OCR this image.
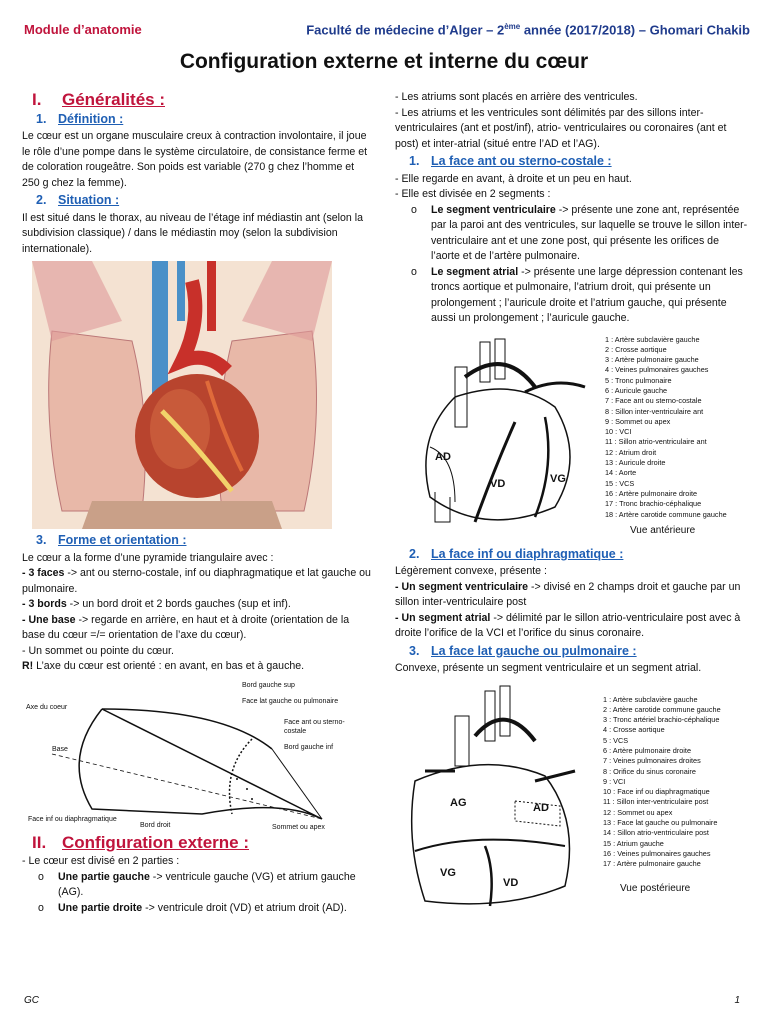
Module d’anatomie	Faculté de médecine d’Alger – 2ème année (2017/2018) – Ghomari Chakib
Configuration externe et interne du cœur
I. Généralités :
1. Définition :

Le cœur est un organe musculaire creux à contraction involontaire, il joue le rôle d’une pompe dans le système circulatoire, de consistance ferme et de coloration rougeâtre. Son poids est variable (270 g chez l’homme et 250 g chez la femme).

2. Situation :

Il est situé dans le thorax, au niveau de l’étage inf médiastin ant (selon la subdivision classique) / dans le médiastin moy (selon la subdivision internationale).

3. Forme et orientation :

Le cœur a la forme d’une pyramide triangulaire avec :

- 3 faces -> ant ou sterno-costale, inf ou diaphragmatique et lat gauche ou pulmonaire.

- 3 bords -> un bord droit et 2 bords gauches (sup et inf).

- Une base -> regarde en arrière, en haut et à droite (orientation de la base du cœur =/= orientation de l’axe du cœur).

- Un sommet ou pointe du cœur.

R! L’axe du cœur est orienté : en avant, en bas et à gauche.

Bord gauche sup
Face lat gauche ou pulmonaire
Axe du coeur
Face ant ou sterno-
costale
Bord gauche inf
Base
Face inf ou diaphragmatique
Bord droit	Sommet ou apex
II. Configuration externe :

- Le cœur est divisé en 2 parties :

o Une partie gauche -> ventricule gauche (VG) et atrium gauche (AG).

o Une partie droite -> ventricule droit (VD) et atrium droit (AD).

- Les atriums sont placés en arrière des ventricules.

- Les atriums et les ventricules sont délimités par des sillons inter-ventriculaires (ant et post/inf), atrio- ventriculaires ou coronaires (ant et post) et inter-atrial (situé entre l’AD et l’AG).

1. La face ant ou sterno-costale :

- Elle regarde en avant, à droite et un peu en haut.

- Elle est divisée en 2 segments :

o Le segment ventriculaire -> présente une zone ant, représentée par la paroi ant des ventricules, sur laquelle se trouve le sillon inter-ventriculaire ant et une zone post, qui présente les orifices de l’aorte et de l’artère pulmonaire.

o Le segment atrial -> présente une large dépression contenant les troncs aortique et pulmonaire, l’atrium droit, qui présente un prolongement ; l’auricule droite et l’atrium gauche, qui présente aussi un prolongement ; l’auricule gauche.

AD
VD	VG
1 : Artère subclavière gauche
2 : Crosse aortique
3 : Artère pulmonaire gauche
4 : Veines pulmonaires gauches
5 : Tronc pulmonaire
6 : Auricule gauche
7 : Face ant ou sterno-costale
8 : Sillon inter-ventriculaire ant
9 : Sommet ou apex
10 : VCI
11 : Sillon atrio-ventriculaire ant
12 : Atrium droit
13 : Auricule droite
14 : Aorte
15 : VCS
16 : Artère pulmonaire droite
17 : Tronc brachio-céphalique
18 : Artère carotide commune gauche
Vue antérieure
2. La face inf ou diaphragmatique :

Légèrement convexe, présente :

- Un segment ventriculaire -> divisé en 2 champs droit et gauche par un sillon inter-ventriculaire post

- Un segment atrial -> délimité par le sillon atrio-ventriculaire post avec à droite l’orifice de la VCI et l’orifice du sinus coronaire.

3. La face lat gauche ou pulmonaire :

Convexe, présente un segment ventriculaire et un segment atrial.

AG	AD
VG
VD
1 : Artère subclavière gauche
2 : Artère carotide commune gauche
3 : Tronc artériel brachio-céphalique
4 : Crosse aortique
5 : VCS
6 : Artère pulmonaire droite
7 : Veines pulmonaires droites
8 : Orifice du sinus coronaire
9 : VCI
10 : Face inf ou diaphragmatique
11 : Sillon inter-ventriculaire post
12 : Sommet ou apex
13 : Face lat gauche ou pulmonaire
14 : Sillon atrio-ventriculaire post
15 : Atrium gauche
16 : Veines pulmonaires gauches
17 : Artère pulmonaire gauche
Vue postérieure
GC	1
